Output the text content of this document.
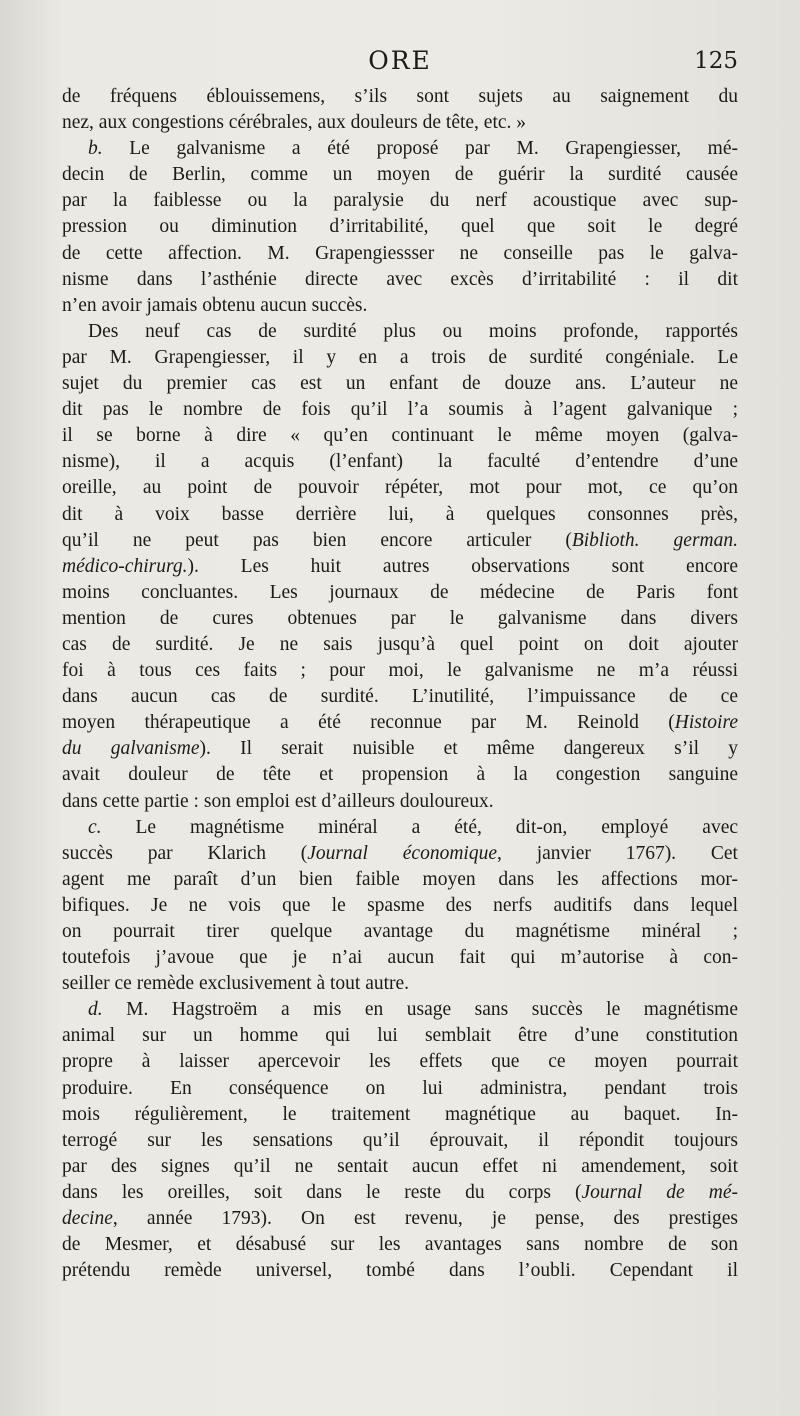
ORE	125
de fréquens éblouissemens, s’ils sont sujets au saignement du
nez, aux congestions cérébrales, aux douleurs de tête, etc. »
b. Le galvanisme a été proposé par M. Grapengiesser, mé-
decin de Berlin, comme un moyen de guérir la surdité causée
par la faiblesse ou la paralysie du nerf acoustique avec sup-
pression ou diminution d’irritabilité, quel que soit le degré
de cette affection. M. Grapengiessser ne conseille pas le galva-
nisme dans l’asthénie directe avec excès d’irritabilité : il dit
n’en avoir jamais obtenu aucun succès.
Des neuf cas de surdité plus ou moins profonde, rapportés
par M. Grapengiesser, il y en a trois de surdité congéniale. Le
sujet du premier cas est un enfant de douze ans. L’auteur ne
dit pas le nombre de fois qu’il l’a soumis à l’agent galvanique ;
il se borne à dire « qu’en continuant le même moyen (galva-
nisme), il a acquis (l’enfant) la faculté d’entendre d’une
oreille, au point de pouvoir répéter, mot pour mot, ce qu’on
dit à voix basse derrière lui, à quelques consonnes près,
qu’il ne peut pas bien encore articuler (Biblioth. german.
médico-chirurg.). Les huit autres observations sont encore
moins concluantes. Les journaux de médecine de Paris font
mention de cures obtenues par le galvanisme dans divers
cas de surdité. Je ne sais jusqu’à quel point on doit ajouter
foi à tous ces faits ; pour moi, le galvanisme ne m’a réussi
dans aucun cas de surdité. L’inutilité, l’impuissance de ce
moyen thérapeutique a été reconnue par M. Reinold (Histoire
du galvanisme). Il serait nuisible et même dangereux s’il y
avait douleur de tête et propension à la congestion sanguine
dans cette partie : son emploi est d’ailleurs douloureux.
c. Le magnétisme minéral a été, dit-on, employé avec
succès par Klarich (Journal économique, janvier 1767). Cet
agent me paraît d’un bien faible moyen dans les affections mor-
bifiques. Je ne vois que le spasme des nerfs auditifs dans lequel
on pourrait tirer quelque avantage du magnétisme minéral ;
toutefois j’avoue que je n’ai aucun fait qui m’autorise à con-
seiller ce remède exclusivement à tout autre.
d. M. Hagstroëm a mis en usage sans succès le magnétisme
animal sur un homme qui lui semblait être d’une constitution
propre à laisser apercevoir les effets que ce moyen pourrait
produire. En conséquence on lui administra, pendant trois
mois régulièrement, le traitement magnétique au baquet. In-
terrogé sur les sensations qu’il éprouvait, il répondit toujours
par des signes qu’il ne sentait aucun effet ni amendement, soit
dans les oreilles, soit dans le reste du corps (Journal de mé-
decine, année 1793). On est revenu, je pense, des prestiges
de Mesmer, et désabusé sur les avantages sans nombre de son
prétendu remède universel, tombé dans l’oubli. Cependant il
